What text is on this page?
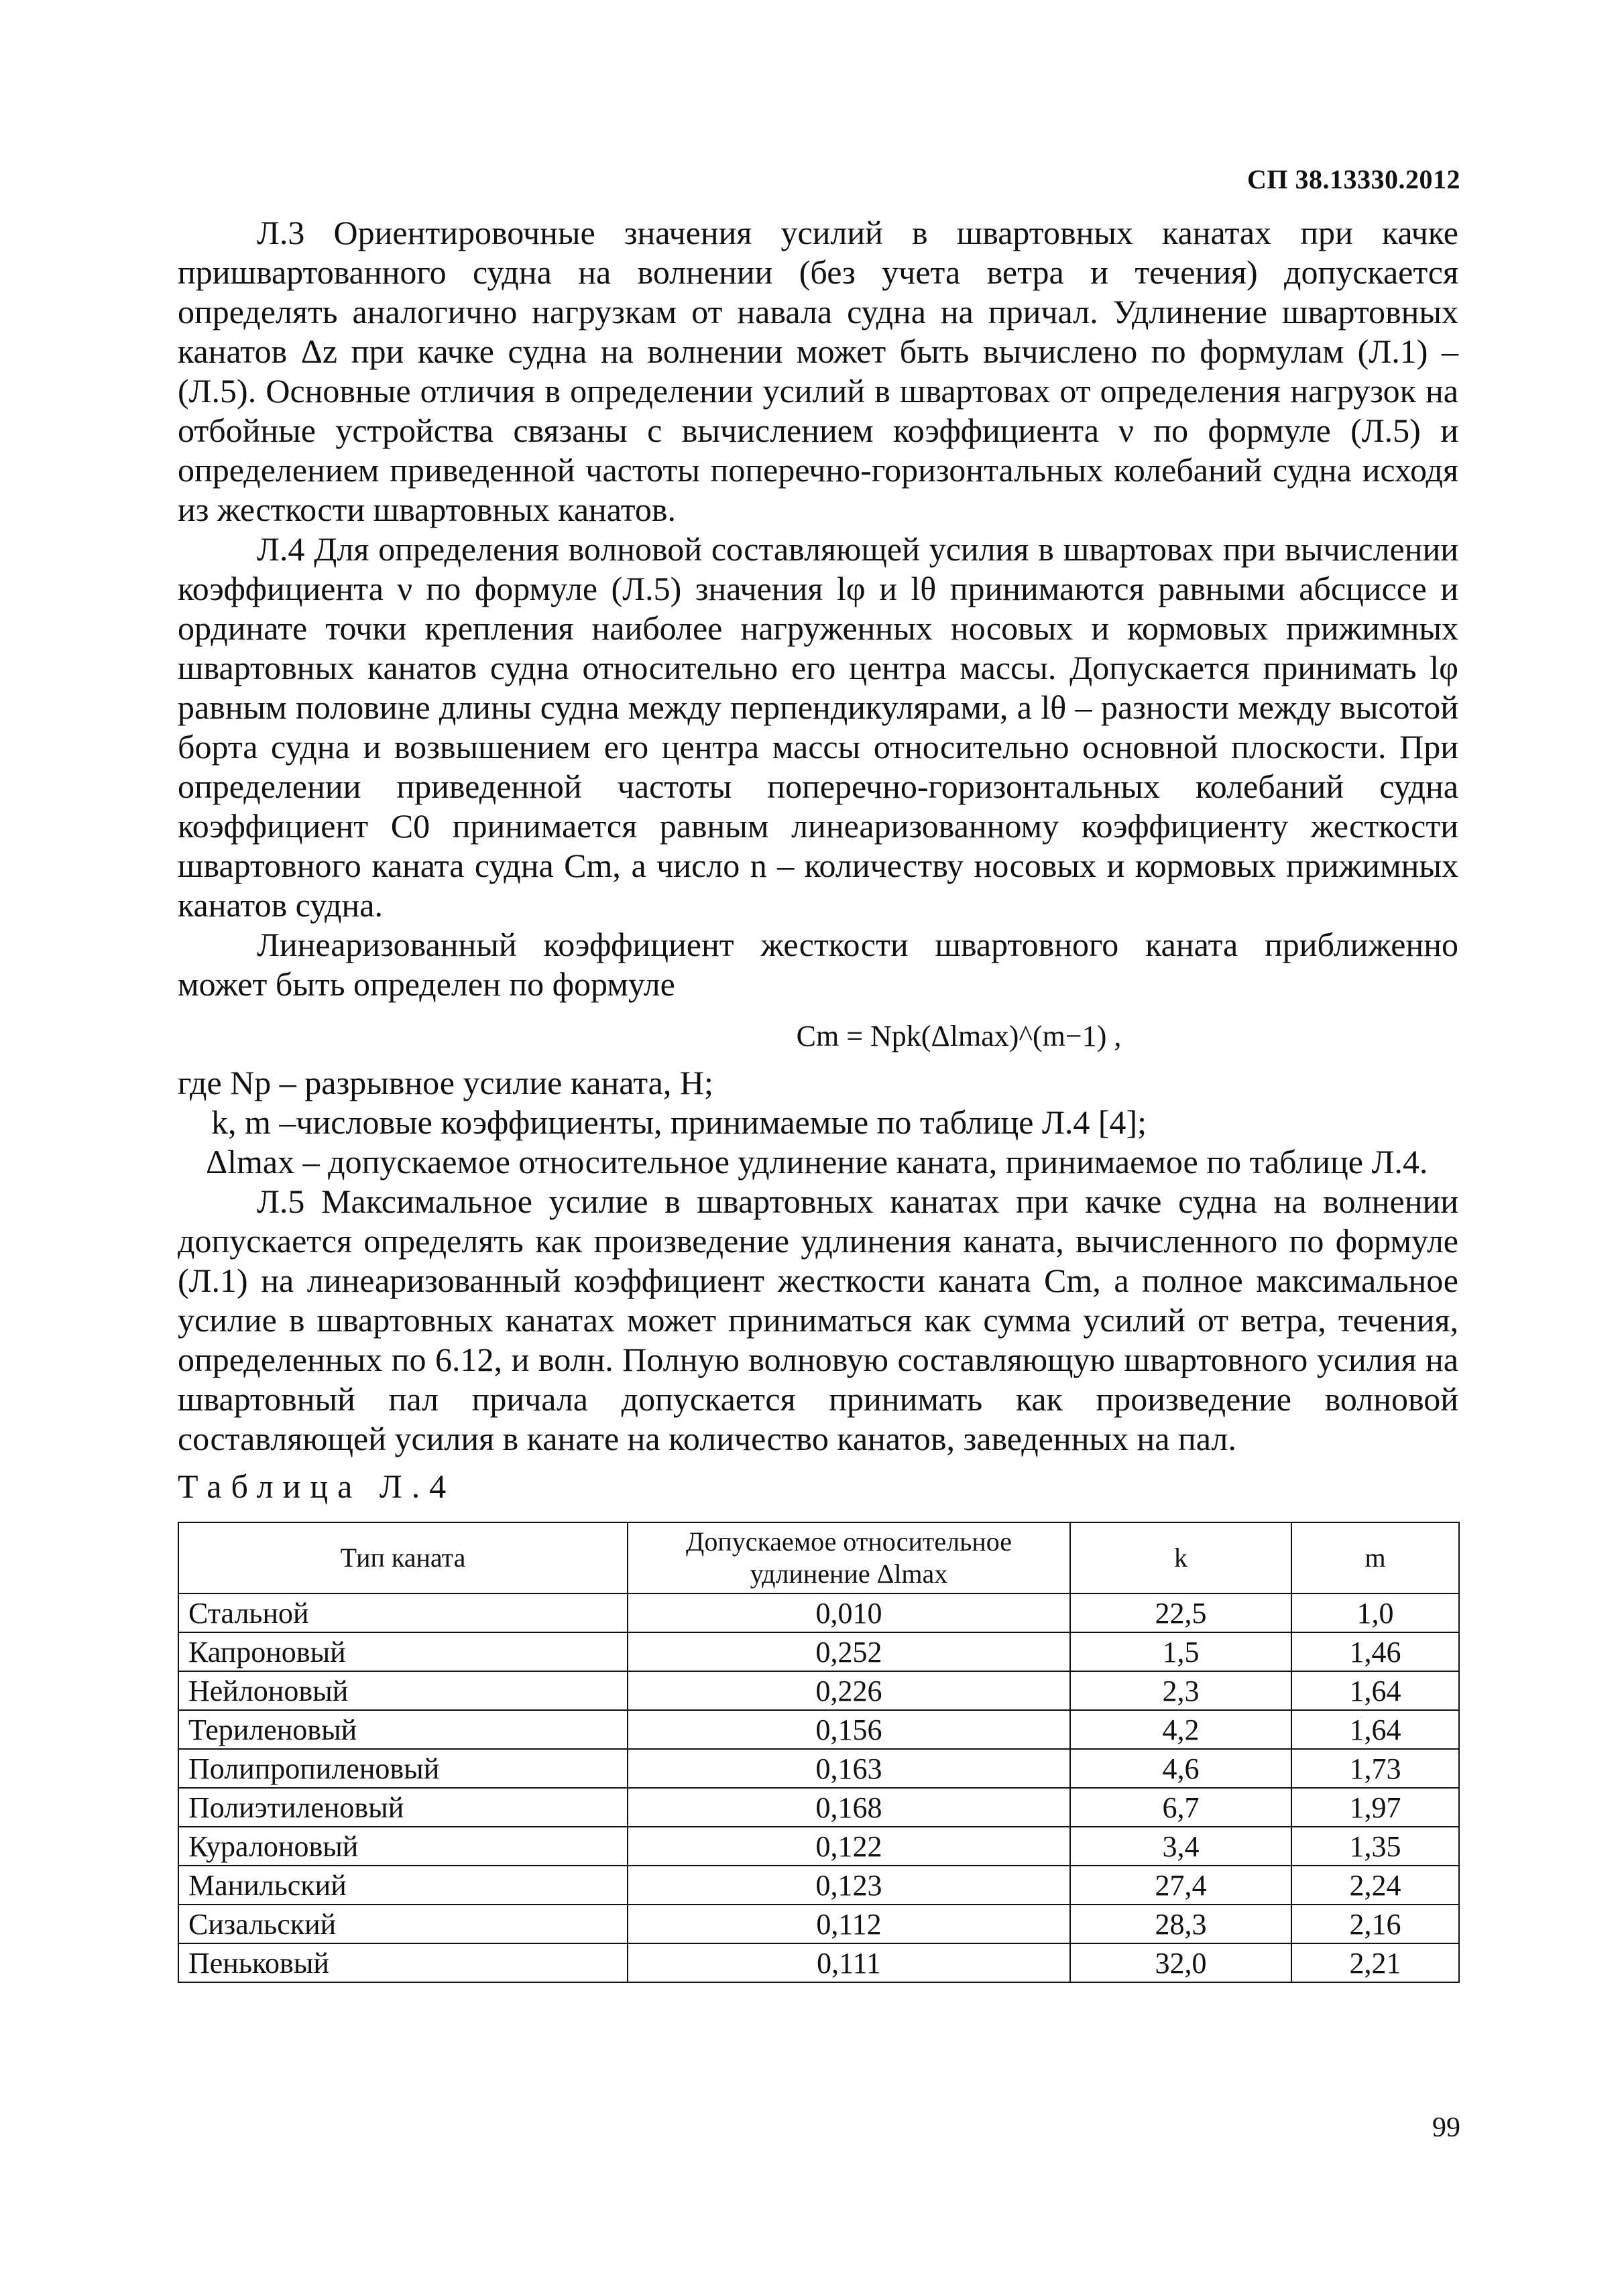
СП 38.13330.2012

Л.3 Ориентировочные значения усилий в швартовных канатах при качке пришвартованного судна на волнении (без учета ветра и течения) допускается определять аналогично нагрузкам от навала судна на причал. Удлинение швартовных канатов Δz при качке судна на волнении может быть вычислено по формулам (Л.1) – (Л.5). Основные отличия в определении усилий в швартовах от определения нагрузок на отбойные устройства связаны с вычислением коэффициента ν по формуле (Л.5) и определением приведенной частоты поперечно-горизонтальных колебаний судна исходя из жесткости швартовных канатов.

Л.4 Для определения волновой составляющей усилия в швартовах при вычислении коэффициента ν по формуле (Л.5) значения lφ и lθ принимаются равными абсциссе и ординате точки крепления наиболее нагруженных носовых и кормовых прижимных швартовных канатов судна относительно его центра массы. Допускается принимать lφ равным половине длины судна между перпендикулярами, а lθ – разности между высотой борта судна и возвышением его центра массы относительно основной плоскости. При определении приведенной частоты поперечно-горизонтальных колебаний судна коэффициент C0 принимается равным линеаризованному коэффициенту жесткости швартовного каната судна Cm, а число n – количеству носовых и кормовых прижимных канатов судна.

Линеаризованный коэффициент жесткости швартовного каната приближенно может быть определен по формуле

Cm = Npk(Δlmax)^(m−1) ,
где Np – разрывное усилие каната, Н;
k, m –числовые коэффициенты, принимаемые по таблице Л.4 [4];
Δlmax – допускаемое относительное удлинение каната, принимаемое по таблице Л.4.

Л.5 Максимальное усилие в швартовных канатах при качке судна на волнении допускается определять как произведение удлинения каната, вычисленного по формуле (Л.1) на линеаризованный коэффициент жесткости каната Cm, а полное максимальное усилие в швартовных канатах может приниматься как сумма усилий от ветра, течения, определенных по 6.12, и волн. Полную волновую составляющую швартовного усилия на швартовный пал причала допускается принимать как произведение волновой составляющей усилия в канате на количество канатов, заведенных на пал.

Таблица Л.4
Тип каната	Допускаемое относительное удлинение Δlmax	k	m
Стальной	0,010	22,5	1,0
Капроновый	0,252	1,5	1,46
Нейлоновый	0,226	2,3	1,64
Териленовый	0,156	4,2	1,64
Полипропиленовый	0,163	4,6	1,73
Полиэтиленовый	0,168	6,7	1,97
Куралоновый	0,122	3,4	1,35
Манильский	0,123	27,4	2,24
Сизальский	0,112	28,3	2,16
Пеньковый	0,111	32,0	2,21
99
